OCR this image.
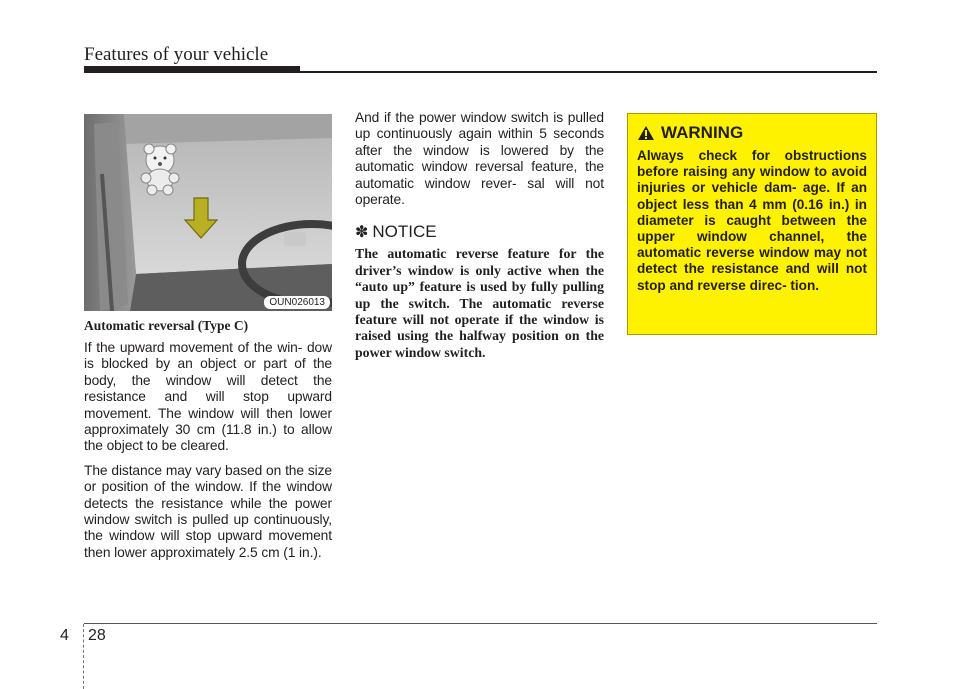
Features of your vehicle
OUN026013
Automatic reversal (Type C)

If the upward movement of the win- dow is blocked by an object or part of the body, the window will detect the resistance and will stop upward movement. The window will then lower approximately 30 cm (11.8 in.) to allow the object to be cleared.

The distance may vary based on the size or position of the window. If the window detects the resistance while the power window switch is pulled up continuously, the window will stop upward movement then lower approximately 2.5 cm (1 in.).

And if the power window switch is pulled up continuously again within 5 seconds after the window is lowered by the automatic window reversal feature, the automatic window rever- sal will not operate.

✽ NOTICE

The automatic reverse feature for the driver’s window is only active when the “auto up” feature is used by fully pulling up the switch. The automatic reverse feature will not operate if the window is raised using the halfway position on the power window switch.

WARNING

Always check for obstructions before raising any window to avoid injuries or vehicle dam- age. If an object less than 4 mm (0.16 in.) in diameter is caught between the upper window channel, the automatic reverse window may not detect the resistance and will not stop and reverse direc- tion.

4 28
